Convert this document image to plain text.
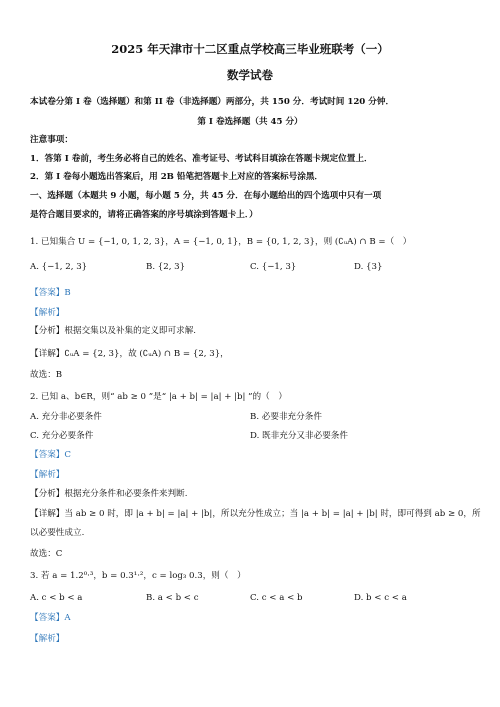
2025 年天津市十二区重点学校高三毕业班联考（一）
数学试卷
本试卷分第 I 卷（选择题）和第 II 卷（非选择题）两部分，共 150 分．考试时间 120 分钟．
第 I 卷选择题（共 45 分）
注意事项：
1．答第 I 卷前，考生务必将自己的姓名、准考证号、考试科目填涂在答题卡规定位置上．
2．第 I 卷每小题选出答案后，用 2B 铅笔把答题卡上对应的答案标号涂黑．
一、选择题（本题共 9 小题，每小题 5 分，共 45 分．在每小题给出的四个选项中只有一项
是符合题目要求的，请将正确答案的序号填涂到答题卡上．）
1. 已知集合 U = {−1, 0, 1, 2, 3}，A = {−1, 0, 1}，B = {0, 1, 2, 3}，则 (∁ᵤA) ∩ B =（　）
A. {−1, 2, 3}	B. {2, 3}	C. {−1, 3}	D. {3}
【答案】B
【解析】
【分析】根据交集以及补集的定义即可求解.
【详解】∁ᵤA = {2, 3}，故 (∁ᵤA) ∩ B = {2, 3}，
故选：B
2. 已知 a、b∈R，则“ ab ≥ 0 ”是“ |a + b| = |a| + |b| ”的（　）
A. 充分非必要条件	B. 必要非充分条件
C. 充分必要条件	D. 既非充分又非必要条件
【答案】C
【解析】
【分析】根据充分条件和必要条件来判断.
【详解】当 ab ≥ 0 时，即 |a + b| = |a| + |b|，所以充分性成立；当 |a + b| = |a| + |b| 时，即可得到 ab ≥ 0，所
以必要性成立.
故选：C
3. 若 a = 1.2⁰·³，b = 0.3¹·²，c = log₃ 0.3，则（　）
A. c < b < a	B. a < b < c	C. c < a < b	D. b < c < a
【答案】A
【解析】
